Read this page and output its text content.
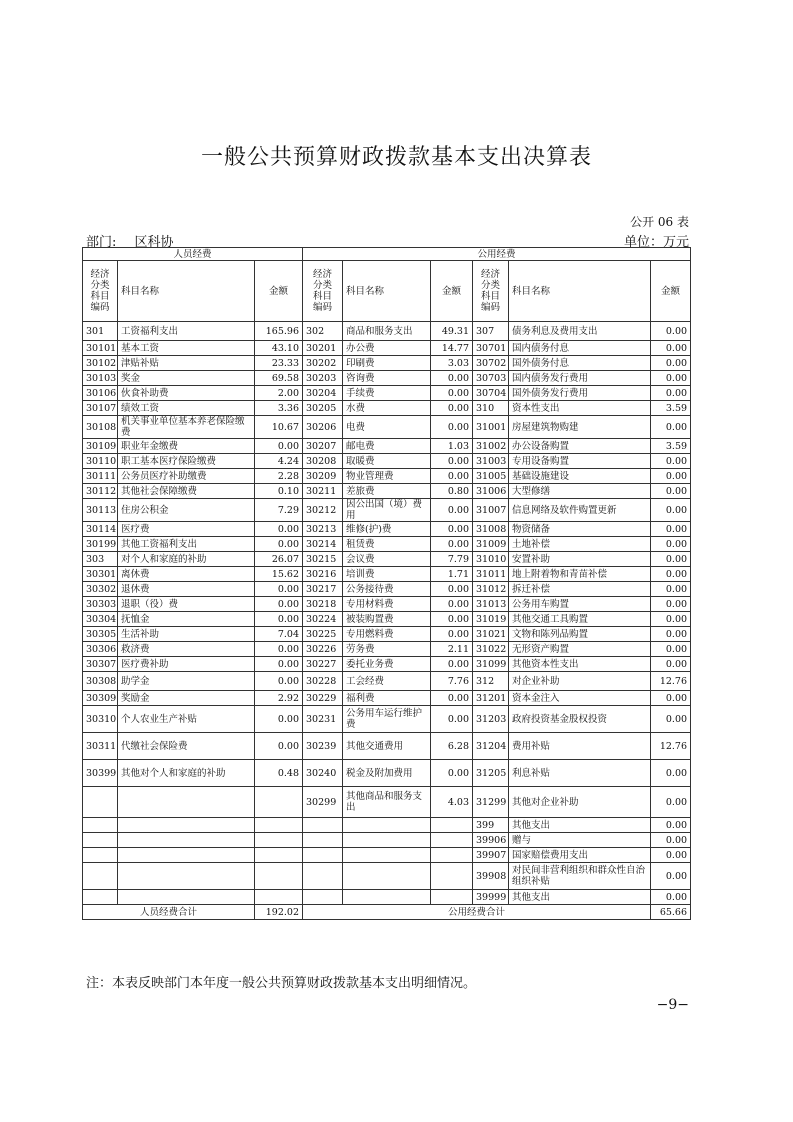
一般公共预算财政拨款基本支出决算表
公开 06 表
部门: 区科协	单位：万元
人员经费			公用经费					
经济
分类
科目
编码	科目名称	金额	经济
分类
科目
编码	科目名称	金额	经济
分类
科目
编码	科目名称	金额
301	工资福利支出	165.96	302	商品和服务支出	49.31	307	债务利息及费用支出	0.00
30101	基本工资	43.10	30201	办公费	14.77	30701	国内债务付息	0.00
30102	津贴补贴	23.33	30202	印刷费	3.03	30702	国外债务付息	0.00
30103	奖金	69.58	30203	咨询费	0.00	30703	国内债务发行费用	0.00
30106	伙食补助费	2.00	30204	手续费	0.00	30704	国外债务发行费用	0.00
30107	绩效工资	3.36	30205	水费	0.00	310	资本性支出	3.59
30108	机关事业单位基本养老保险缴费	10.67	30206	电费	0.00	31001	房屋建筑物购建	0.00
30109	职业年金缴费	0.00	30207	邮电费	1.03	31002	办公设备购置	3.59
30110	职工基本医疗保险缴费	4.24	30208	取暖费	0.00	31003	专用设备购置	0.00
30111	公务员医疗补助缴费	2.28	30209	物业管理费	0.00	31005	基础设施建设	0.00
30112	其他社会保障缴费	0.10	30211	差旅费	0.80	31006	大型修缮	0.00
30113	住房公积金	7.29	30212	因公出国（境）费用	0.00	31007	信息网络及软件购置更新	0.00
30114	医疗费	0.00	30213	维修(护)费	0.00	31008	物资储备	0.00
30199	其他工资福利支出	0.00	30214	租赁费	0.00	31009	土地补偿	0.00
303	对个人和家庭的补助	26.07	30215	会议费	7.79	31010	安置补助	0.00
30301	离休费	15.62	30216	培训费	1.71	31011	地上附着物和青苗补偿	0.00
30302	退休费	0.00	30217	公务接待费	0.00	31012	拆迁补偿	0.00
30303	退职（役）费	0.00	30218	专用材料费	0.00	31013	公务用车购置	0.00
30304	抚恤金	0.00	30224	被装购置费	0.00	31019	其他交通工具购置	0.00
30305	生活补助	7.04	30225	专用燃料费	0.00	31021	文物和陈列品购置	0.00
30306	救济费	0.00	30226	劳务费	2.11	31022	无形资产购置	0.00
30307	医疗费补助	0.00	30227	委托业务费	0.00	31099	其他资本性支出	0.00
30308	助学金	0.00	30228	工会经费	7.76	312	对企业补助	12.76
30309	奖励金	2.92	30229	福利费	0.00	31201	资本金注入	0.00
30310	个人农业生产补贴	0.00	30231	公务用车运行维护费	0.00	31203	政府投资基金股权投资	0.00
30311	代缴社会保险费	0.00	30239	其他交通费用	6.28	31204	费用补贴	12.76
30399	其他对个人和家庭的补助	0.48	30240	税金及附加费用	0.00	31205	利息补贴	0.00
			30299	其他商品和服务支出	4.03	31299	其他对企业补助	0.00
						399	其他支出	0.00
						39906	赠与	0.00
						39907	国家赔偿费用支出	0.00
						39908	对民间非营利组织和群众性自治组织补贴	0.00
						39999	其他支出	0.00
人员经费合计		192.02	公用经费合计					65.66
注：本表反映部门本年度一般公共预算财政拨款基本支出明细情况。
−9−
